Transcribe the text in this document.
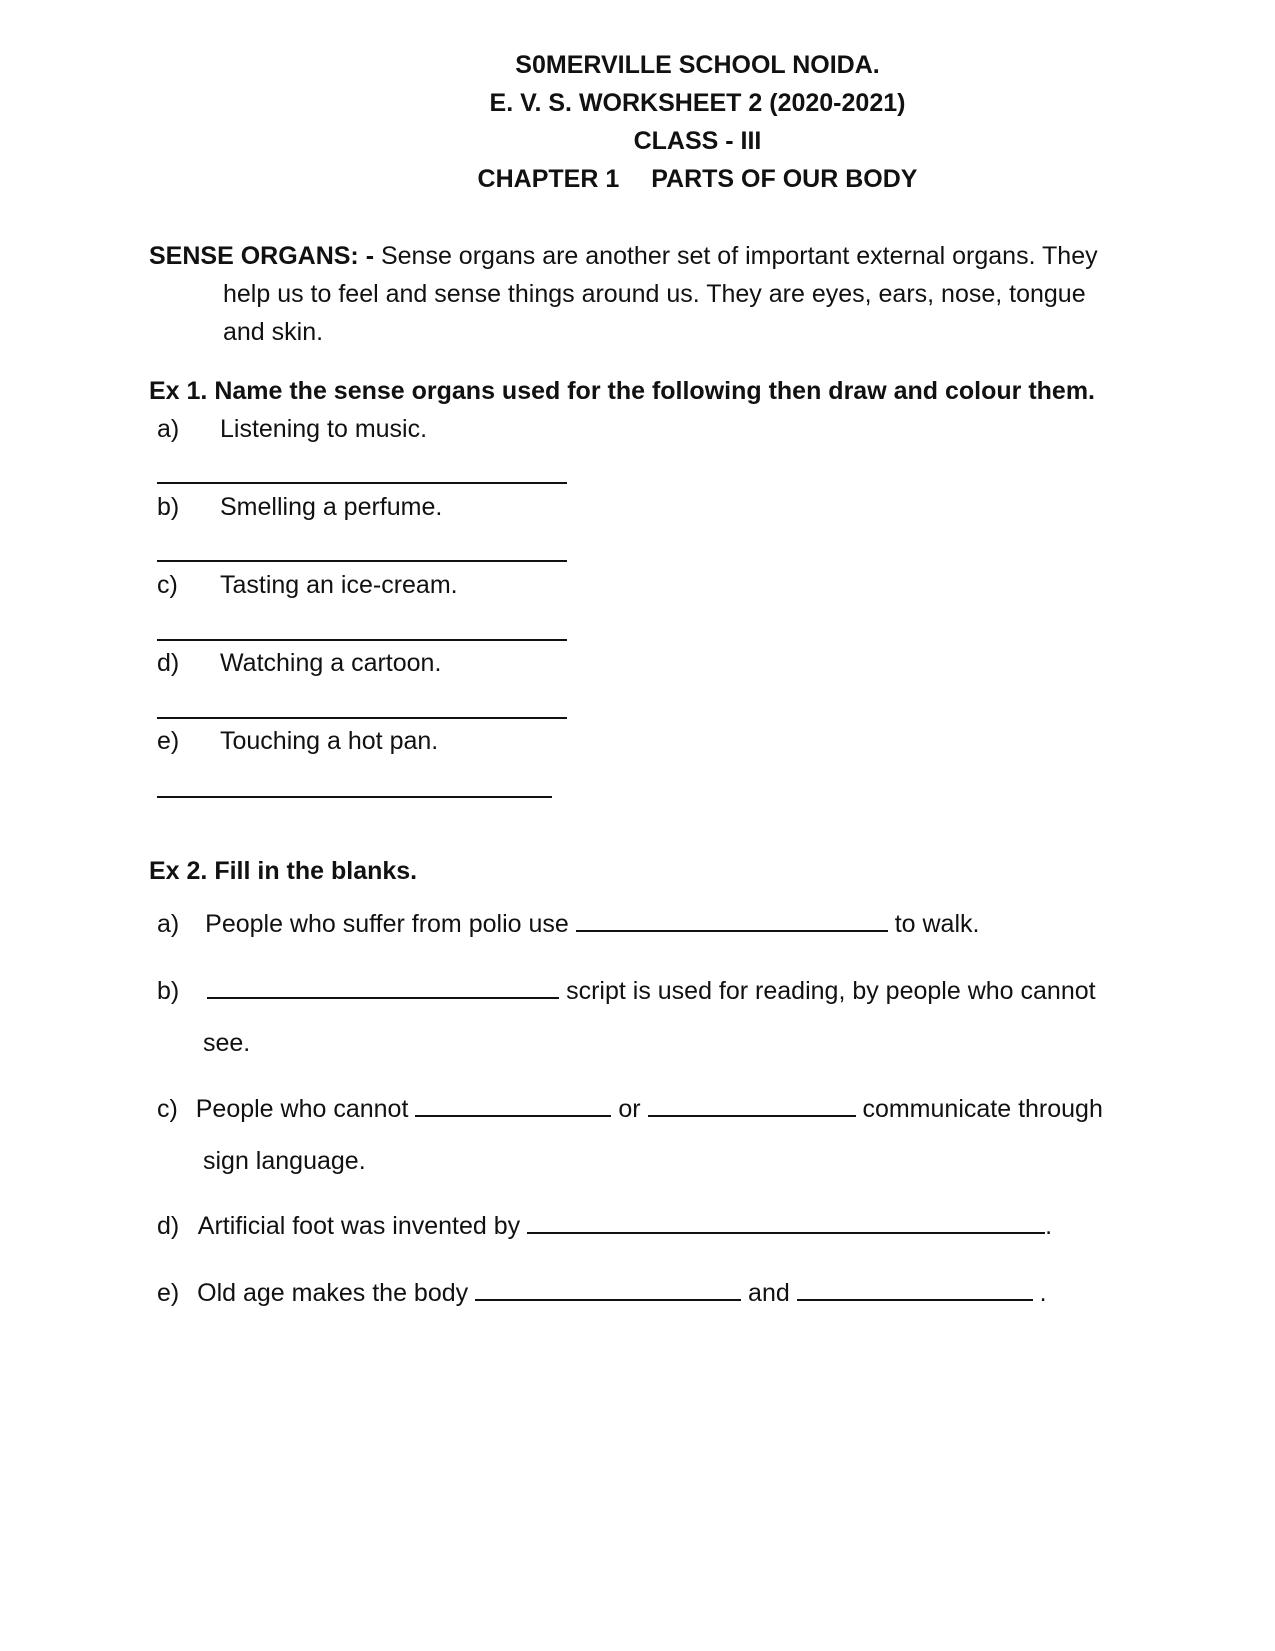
S0MERVILLE SCHOOL NOIDA.
E. V. S. WORKSHEET 2 (2020-2021)
CLASS - III
CHAPTER 1 PARTS OF OUR BODY
SENSE ORGANS: - Sense organs are another set of important external organs. They
help us to feel and sense things around us. They are eyes, ears, nose, tongue
and skin.
Ex 1. Name the sense organs used for the following then draw and colour them.
a) Listening to music.
b) Smelling a perfume.
c) Tasting an ice-cream.
d) Watching a cartoon.
e) Touching a hot pan.
Ex 2. Fill in the blanks.
a) People who suffer from polio use	to walk.
b)	script is used for reading, by people who cannot
see.
c) People who cannot	or	communicate through
sign language.
d) Artificial foot was invented by	.
e) Old age makes the body	and	.
